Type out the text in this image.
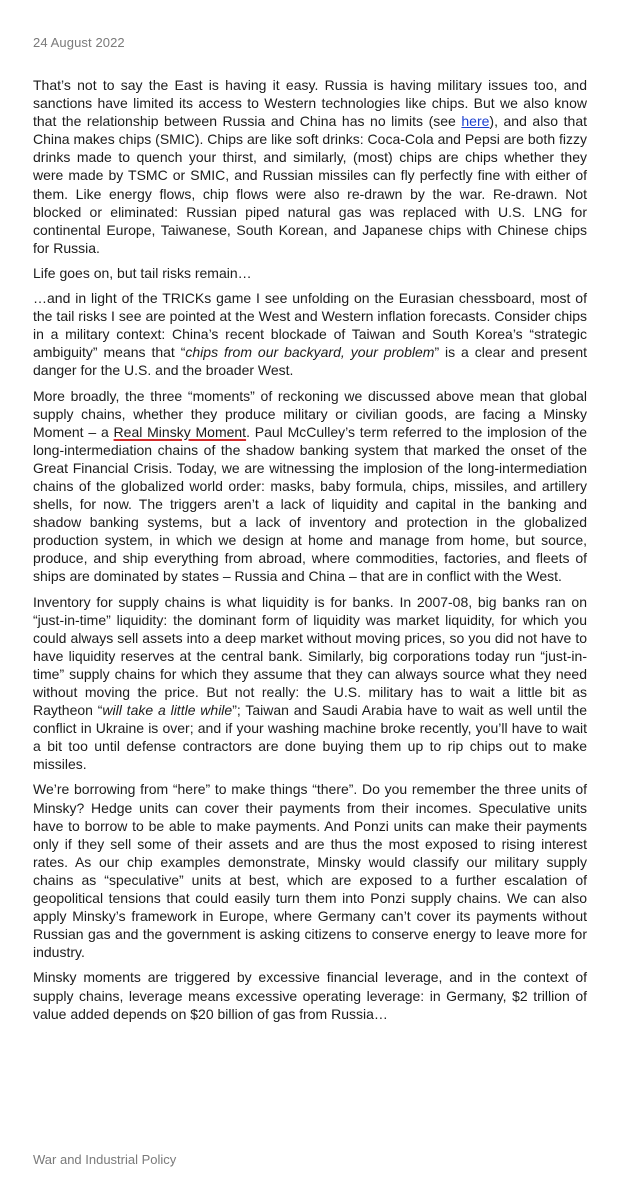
24 August 2022

That’s not to say the East is having it easy. Russia is having military issues too, and sanctions have limited its access to Western technologies like chips. But we also know that the relationship between Russia and China has no limits (see here), and also that China makes chips (SMIC). Chips are like soft drinks: Coca-Cola and Pepsi are both fizzy drinks made to quench your thirst, and similarly, (most) chips are chips whether they were made by TSMC or SMIC, and Russian missiles can fly perfectly fine with either of them. Like energy flows, chip flows were also re-drawn by the war. Re-drawn. Not blocked or eliminated: Russian piped natural gas was replaced with U.S. LNG for continental Europe, Taiwanese, South Korean, and Japanese chips with Chinese chips for Russia.

Life goes on, but tail risks remain…

…and in light of the TRICKs game I see unfolding on the Eurasian chessboard, most of the tail risks I see are pointed at the West and Western inflation forecasts. Consider chips in a military context: China’s recent blockade of Taiwan and South Korea’s “strategic ambiguity” means that “chips from our backyard, your problem” is a clear and present danger for the U.S. and the broader West.

More broadly, the three “moments” of reckoning we discussed above mean that global supply chains, whether they produce military or civilian goods, are facing a Minsky Moment – a Real Minsky Moment. Paul McCulley’s term referred to the implosion of the long-intermediation chains of the shadow banking system that marked the onset of the Great Financial Crisis. Today, we are witnessing the implosion of the long-intermediation chains of the globalized world order: masks, baby formula, chips, missiles, and artillery shells, for now. The triggers aren’t a lack of liquidity and capital in the banking and shadow banking systems, but a lack of inventory and protection in the globalized production system, in which we design at home and manage from home, but source, produce, and ship everything from abroad, where commodities, factories, and fleets of ships are dominated by states – Russia and China – that are in conflict with the West.

Inventory for supply chains is what liquidity is for banks. In 2007-08, big banks ran on “just-in-time” liquidity: the dominant form of liquidity was market liquidity, for which you could always sell assets into a deep market without moving prices, so you did not have to have liquidity reserves at the central bank. Similarly, big corporations today run “just-in-time” supply chains for which they assume that they can always source what they need without moving the price. But not really: the U.S. military has to wait a little bit as Raytheon “will take a little while”; Taiwan and Saudi Arabia have to wait as well until the conflict in Ukraine is over; and if your washing machine broke recently, you’ll have to wait a bit too until defense contractors are done buying them up to rip chips out to make missiles.

We’re borrowing from “here” to make things “there”. Do you remember the three units of Minsky? Hedge units can cover their payments from their incomes. Speculative units have to borrow to be able to make payments. And Ponzi units can make their payments only if they sell some of their assets and are thus the most exposed to rising interest rates. As our chip examples demonstrate, Minsky would classify our military supply chains as “speculative” units at best, which are exposed to a further escalation of geopolitical tensions that could easily turn them into Ponzi supply chains. We can also apply Minsky’s framework in Europe, where Germany can’t cover its payments without Russian gas and the government is asking citizens to conserve energy to leave more for industry.

Minsky moments are triggered by excessive financial leverage, and in the context of supply chains, leverage means excessive operating leverage: in Germany, $2 trillion of value added depends on $20 billion of gas from Russia…

War and Industrial Policy
